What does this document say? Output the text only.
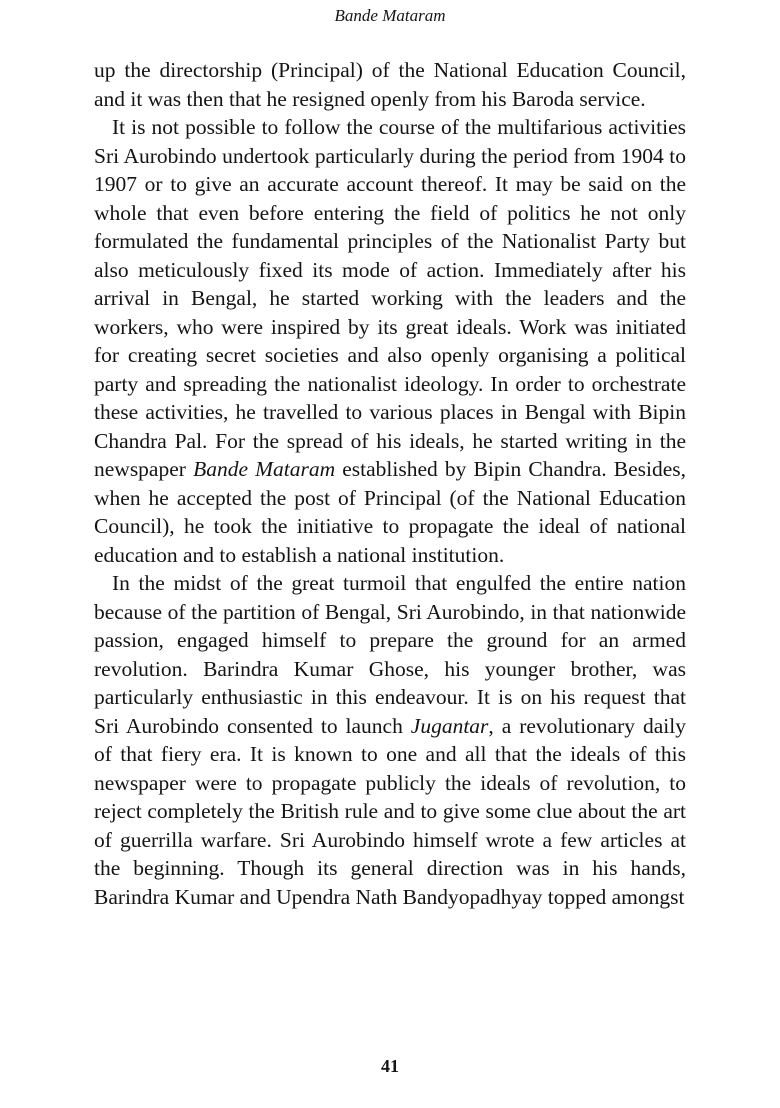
Bande Mataram

up the directorship (Principal) of the National Education Council, and it was then that he resigned openly from his Baroda service.

It is not possible to follow the course of the multifarious activities Sri Aurobindo undertook particularly during the period from 1904 to 1907 or to give an accurate account thereof. It may be said on the whole that even before entering the field of politics he not only formulated the fundamental principles of the Nationalist Party but also meticulously fixed its mode of action. Immediately after his arrival in Bengal, he started working with the leaders and the workers, who were inspired by its great ideals. Work was initiated for creating secret societies and also openly organising a political party and spreading the nationalist ideology. In order to orchestrate these activities, he travelled to various places in Bengal with Bipin Chandra Pal. For the spread of his ideals, he started writing in the newspaper Bande Mataram established by Bipin Chandra. Besides, when he accepted the post of Principal (of the National Education Council), he took the initiative to propagate the ideal of national education and to establish a national institution.

In the midst of the great turmoil that engulfed the entire nation because of the partition of Bengal, Sri Aurobindo, in that nationwide passion, engaged himself to prepare the ground for an armed revolution. Barindra Kumar Ghose, his younger brother, was particularly enthusiastic in this endeavour. It is on his request that Sri Aurobindo consented to launch Jugantar, a revolutionary daily of that fiery era. It is known to one and all that the ideals of this newspaper were to propagate publicly the ideals of revolution, to reject completely the British rule and to give some clue about the art of guerrilla warfare. Sri Aurobindo himself wrote a few articles at the beginning. Though its general direction was in his hands, Barindra Kumar and Upendra Nath Bandyopadhyay topped amongst

41
